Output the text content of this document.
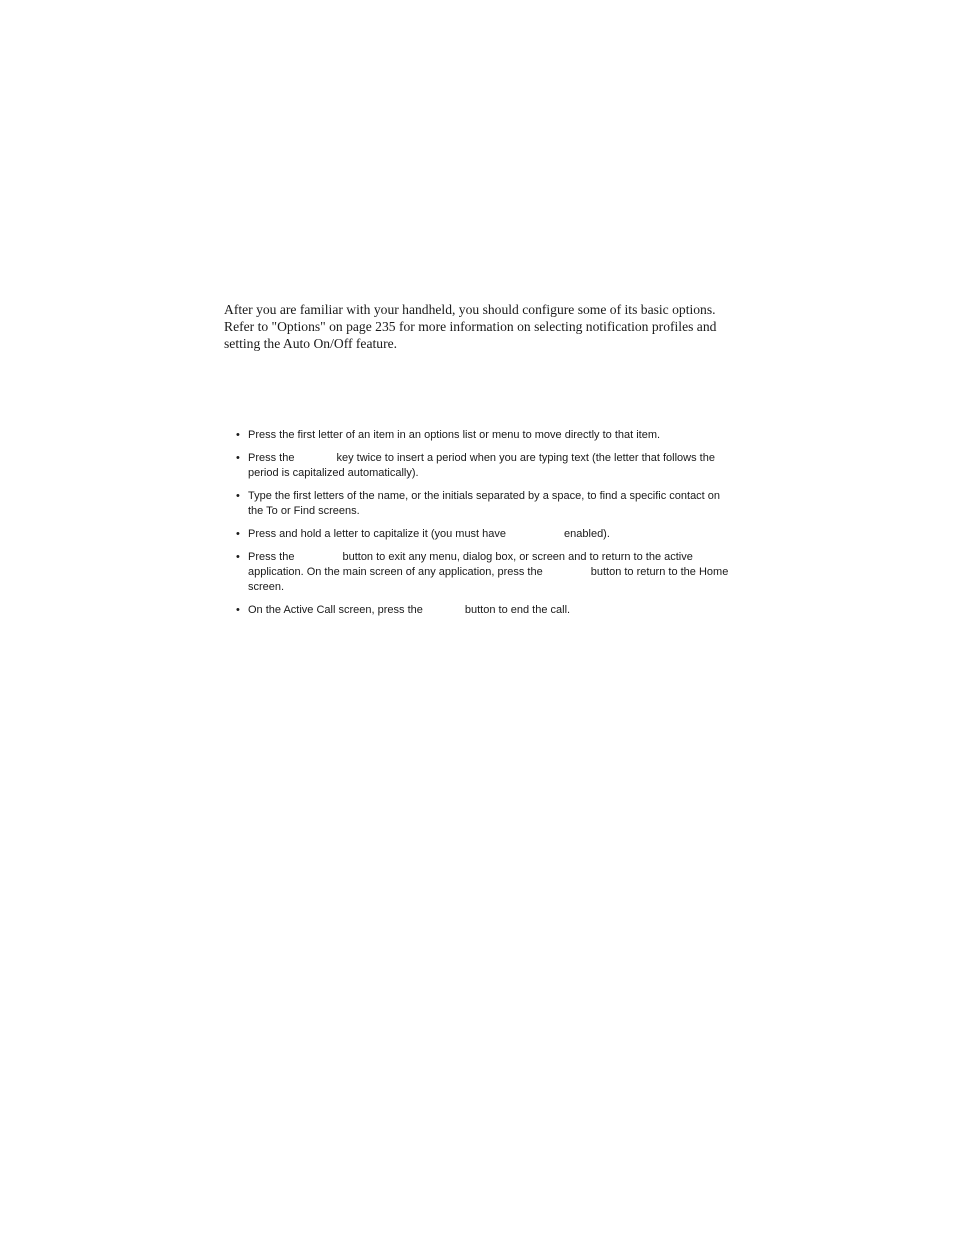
After you are familiar with your handheld, you should configure some of its basic options. Refer to "Options" on page 235 for more information on selecting notification profiles and setting the Auto On/Off feature.

• Press the first letter of an item in an options list or menu to move directly to that item.
• Press the	key twice to insert a period when you are typing text (the letter that follows the period is capitalized automatically).
• Type the first letters of the name, or the initials separated by a space, to find a specific contact on the To or Find screens.
• Press and hold a letter to capitalize it (you must have	enabled).
• Press the	button to exit any menu, dialog box, or screen and to return to the active application. On the main screen of any application, press the	button to return to the Home screen.
• On the Active Call screen, press the	button to end the call.
